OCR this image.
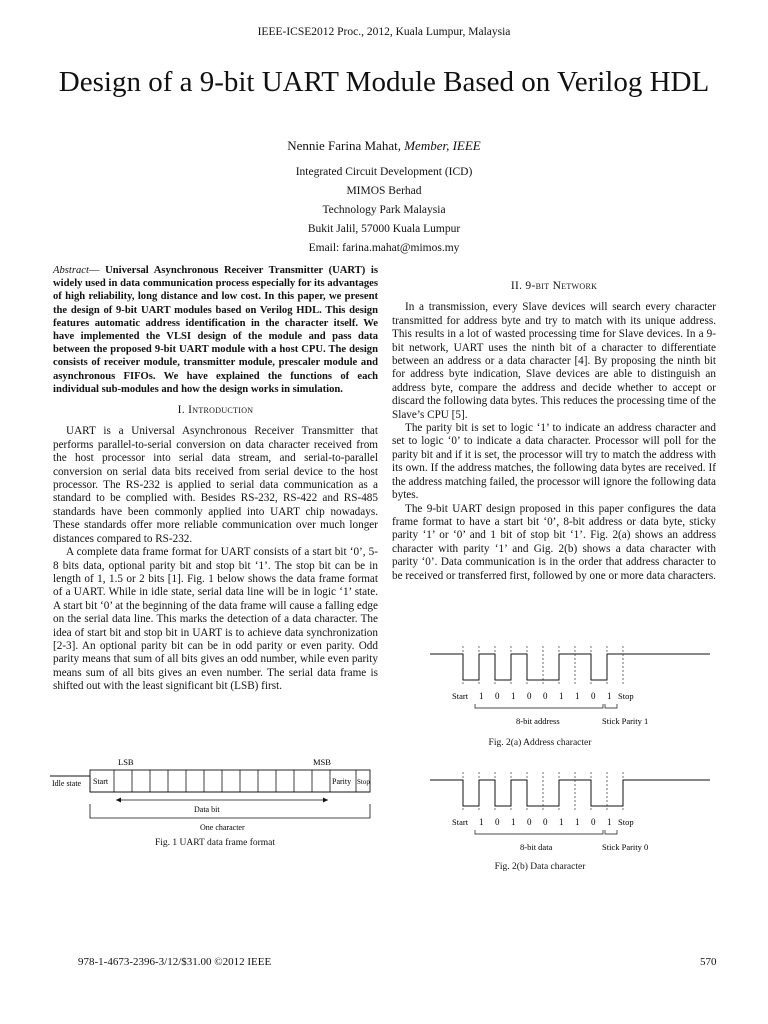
IEEE-ICSE2012 Proc., 2012, Kuala Lumpur, Malaysia
Design of a 9-bit UART Module Based on Verilog HDL
Nennie Farina Mahat, Member, IEEE
Integrated Circuit Development (ICD)
MIMOS Berhad
Technology Park Malaysia
Bukit Jalil, 57000 Kuala Lumpur
Email: farina.mahat@mimos.my

Abstract— Universal Asynchronous Receiver Transmitter (UART) is widely used in data communication process especially for its advantages of high reliability, long distance and low cost. In this paper, we present the design of 9-bit UART modules based on Verilog HDL. This design features automatic address identification in the character itself. We have implemented the VLSI design of the module and pass data between the proposed 9-bit UART module with a host CPU. The design consists of receiver module, transmitter module, prescaler module and asynchronous FIFOs. We have explained the functions of each individual sub-modules and how the design works in simulation.

I. Introduction

UART is a Universal Asynchronous Receiver Transmitter that performs parallel-to-serial conversion on data character received from the host processor into serial data stream, and serial-to-parallel conversion on serial data bits received from serial device to the host processor. The RS-232 is applied to serial data communication as a standard to be complied with. Besides RS-232, RS-422 and RS-485 standards have been commonly applied into UART chip nowadays. These standards offer more reliable communication over much longer distances compared to RS-232.

A complete data frame format for UART consists of a start bit ‘0’, 5-8 bits data, optional parity bit and stop bit ‘1’. The stop bit can be in length of 1, 1.5 or 2 bits [1]. Fig. 1 below shows the data frame format of a UART. While in idle state, serial data line will be in logic ‘1’ state. A start bit ‘0’ at the beginning of the data frame will cause a falling edge on the serial data line. This marks the detection of a data character. The idea of start bit and stop bit in UART is to achieve data synchronization [2-3]. An optional parity bit can be in odd parity or even parity. Odd parity means that sum of all bits gives an odd number, while even parity means sum of all bits gives an even number. The serial data frame is shifted out with the least significant bit (LSB) first.

LSB	MSB
Idle state Start	Parity Stop
Data bit
One character
Fig. 1 UART data frame format
II. 9-bit Network

In a transmission, every Slave devices will search every character transmitted for address byte and try to match with its unique address. This results in a lot of wasted processing time for Slave devices. In a 9-bit network, UART uses the ninth bit of a character to differentiate between an address or a data character [4]. By proposing the ninth bit for address byte indication, Slave devices are able to distinguish an address byte, compare the address and decide whether to accept or discard the following data bytes. This reduces the processing time of the Slave’s CPU [5].

The parity bit is set to logic ‘1’ to indicate an address character and set to logic ‘0’ to indicate a data character. Processor will poll for the parity bit and if it is set, the processor will try to match the address with its own. If the address matches, the following data bytes are received. If the address matching failed, the processor will ignore the following data bytes.

The 9-bit UART design proposed in this paper configures the data frame format to have a start bit ‘0’, 8-bit address or data byte, sticky parity ‘1’ or ‘0’ and 1 bit of stop bit ‘1’. Fig. 2(a) shows an address character with parity ‘1’ and Gig. 2(b) shows a data character with parity ‘0’. Data communication is in the order that address character to be received or transferred first, followed by one or more data characters.

Start 1 0 1 0 0 1 1 0 1 Stop
8-bit address	Stick Parity 1
Fig. 2(a) Address character
Start 1 0 1 0 0 1 1 0 1 Stop
8-bit data	Stick Parity 0
Fig. 2(b) Data character
978-1-4673-2396-3/12/$31.00 ©2012 IEEE	570
